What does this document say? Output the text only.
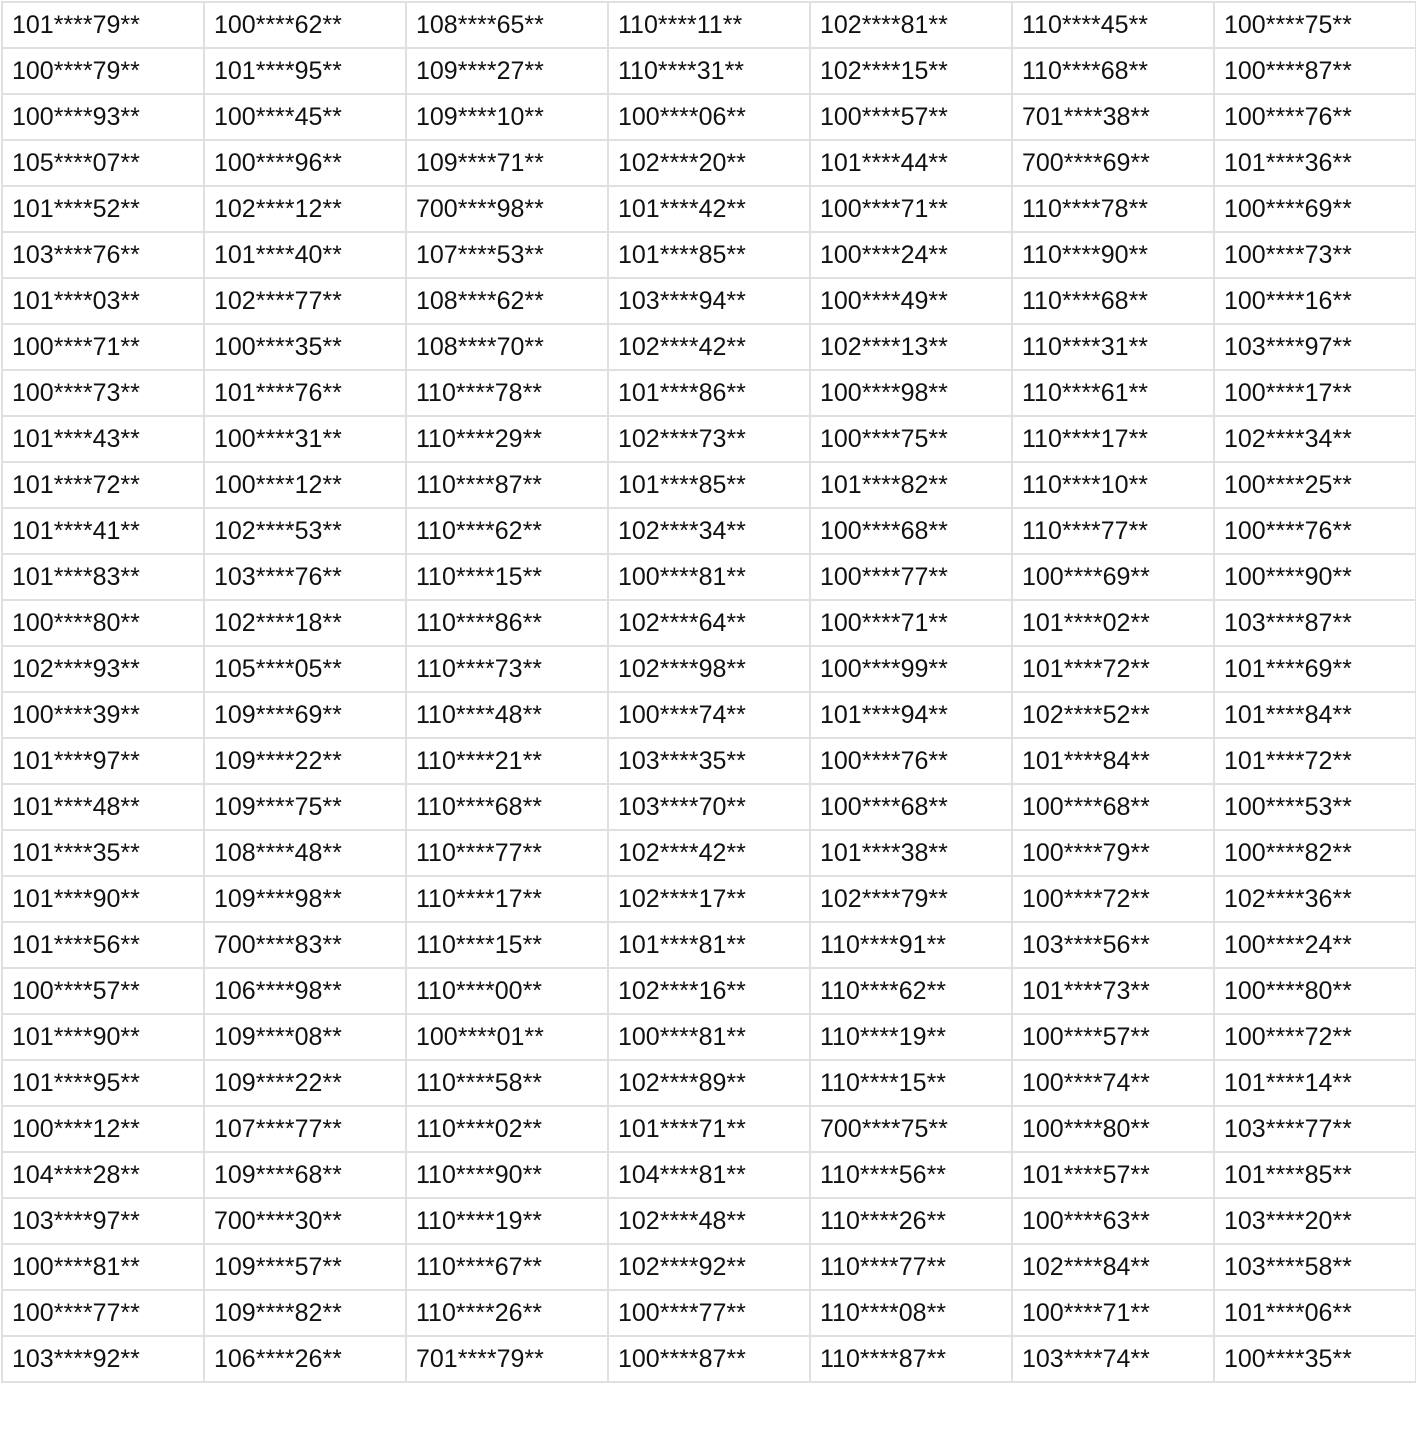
101****79**	100****62**	108****65**	110****11**	102****81**	110****45**	100****75**
100****79**	101****95**	109****27**	110****31**	102****15**	110****68**	100****87**
100****93**	100****45**	109****10**	100****06**	100****57**	701****38**	100****76**
105****07**	100****96**	109****71**	102****20**	101****44**	700****69**	101****36**
101****52**	102****12**	700****98**	101****42**	100****71**	110****78**	100****69**
103****76**	101****40**	107****53**	101****85**	100****24**	110****90**	100****73**
101****03**	102****77**	108****62**	103****94**	100****49**	110****68**	100****16**
100****71**	100****35**	108****70**	102****42**	102****13**	110****31**	103****97**
100****73**	101****76**	110****78**	101****86**	100****98**	110****61**	100****17**
101****43**	100****31**	110****29**	102****73**	100****75**	110****17**	102****34**
101****72**	100****12**	110****87**	101****85**	101****82**	110****10**	100****25**
101****41**	102****53**	110****62**	102****34**	100****68**	110****77**	100****76**
101****83**	103****76**	110****15**	100****81**	100****77**	100****69**	100****90**
100****80**	102****18**	110****86**	102****64**	100****71**	101****02**	103****87**
102****93**	105****05**	110****73**	102****98**	100****99**	101****72**	101****69**
100****39**	109****69**	110****48**	100****74**	101****94**	102****52**	101****84**
101****97**	109****22**	110****21**	103****35**	100****76**	101****84**	101****72**
101****48**	109****75**	110****68**	103****70**	100****68**	100****68**	100****53**
101****35**	108****48**	110****77**	102****42**	101****38**	100****79**	100****82**
101****90**	109****98**	110****17**	102****17**	102****79**	100****72**	102****36**
101****56**	700****83**	110****15**	101****81**	110****91**	103****56**	100****24**
100****57**	106****98**	110****00**	102****16**	110****62**	101****73**	100****80**
101****90**	109****08**	100****01**	100****81**	110****19**	100****57**	100****72**
101****95**	109****22**	110****58**	102****89**	110****15**	100****74**	101****14**
100****12**	107****77**	110****02**	101****71**	700****75**	100****80**	103****77**
104****28**	109****68**	110****90**	104****81**	110****56**	101****57**	101****85**
103****97**	700****30**	110****19**	102****48**	110****26**	100****63**	103****20**
100****81**	109****57**	110****67**	102****92**	110****77**	102****84**	103****58**
100****77**	109****82**	110****26**	100****77**	110****08**	100****71**	101****06**
103****92**	106****26**	701****79**	100****87**	110****87**	103****74**	100****35**
